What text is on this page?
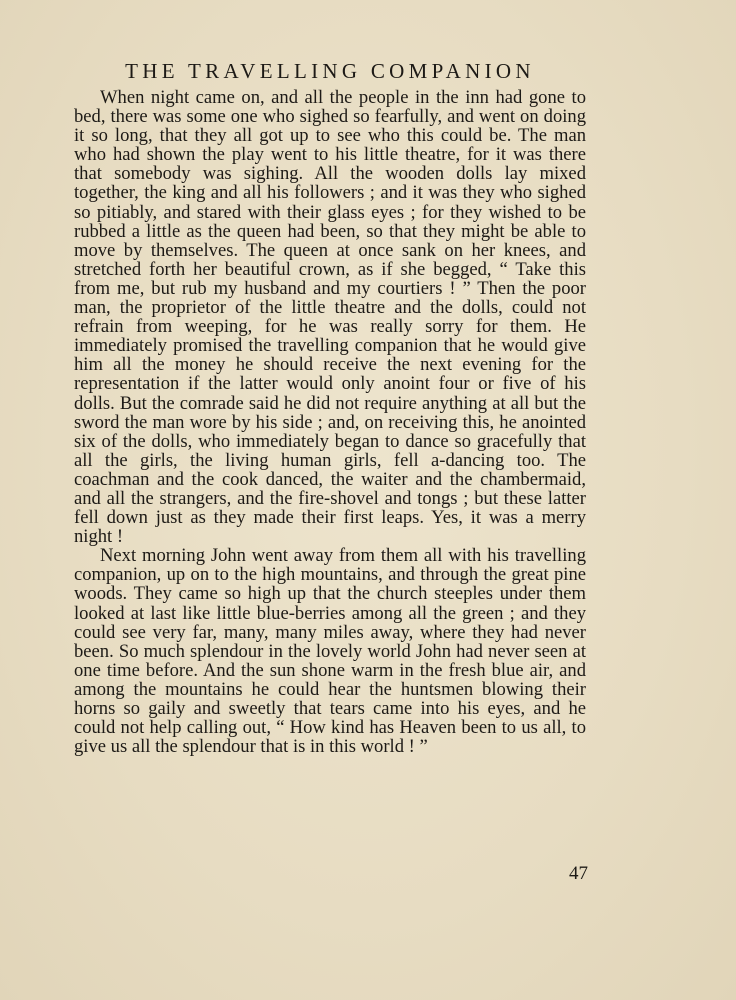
THE TRAVELLING COMPANION

When night came on, and all the people in the inn had gone to bed, there was some one who sighed so fearfully, and went on doing it so long, that they all got up to see who this could be. The man who had shown the play went to his little theatre, for it was there that somebody was sighing. All the wooden dolls lay mixed together, the king and all his followers ; and it was they who sighed so pitiably, and stared with their glass eyes ; for they wished to be rubbed a little as the queen had been, so that they might be able to move by themselves. The queen at once sank on her knees, and stretched forth her beautiful crown, as if she begged, “ Take this from me, but rub my husband and my courtiers ! ” Then the poor man, the proprietor of the little theatre and the dolls, could not refrain from weeping, for he was really sorry for them. He immediately promised the travelling companion that he would give him all the money he should receive the next evening for the representation if the latter would only anoint four or five of his dolls. But the comrade said he did not require anything at all but the sword the man wore by his side ; and, on receiving this, he anointed six of the dolls, who immediately began to dance so gracefully that all the girls, the living human girls, fell a-dancing too. The coachman and the cook danced, the waiter and the chambermaid, and all the strangers, and the fire-shovel and tongs ; but these latter fell down just as they made their first leaps. Yes, it was a merry night !

Next morning John went away from them all with his travelling companion, up on to the high mountains, and through the great pine woods. They came so high up that the church steeples under them looked at last like little blue-berries among all the green ; and they could see very far, many, many miles away, where they had never been. So much splendour in the lovely world John had never seen at one time before. And the sun shone warm in the fresh blue air, and among the mountains he could hear the huntsmen blowing their horns so gaily and sweetly that tears came into his eyes, and he could not help calling out, “ How kind has Heaven been to us all, to give us all the splendour that is in this world ! ”

47
